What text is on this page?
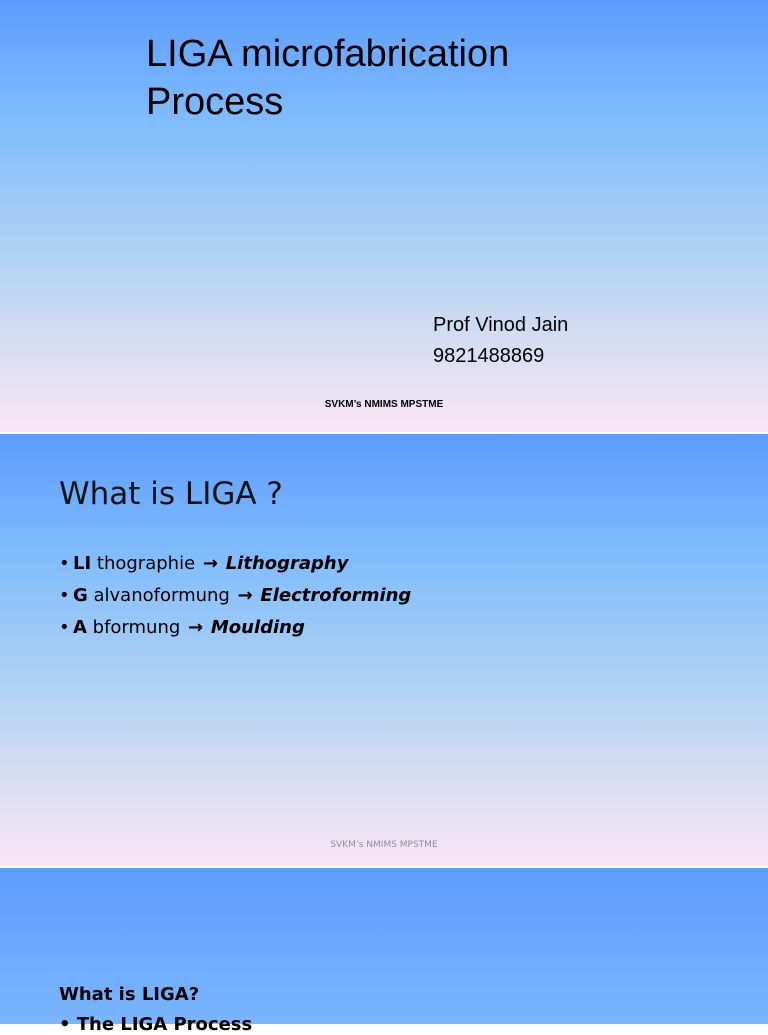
LIGA microfabrication
Process
Prof Vinod Jain
9821488869
SVKM’s NMIMS MPSTME
What is LIGA ?
• LI thographie → Lithography
• G alvanoformung → Electroforming
• A bformung → Moulding
SVKM’s NMIMS MPSTME
What is LIGA?
• The LIGA Process
